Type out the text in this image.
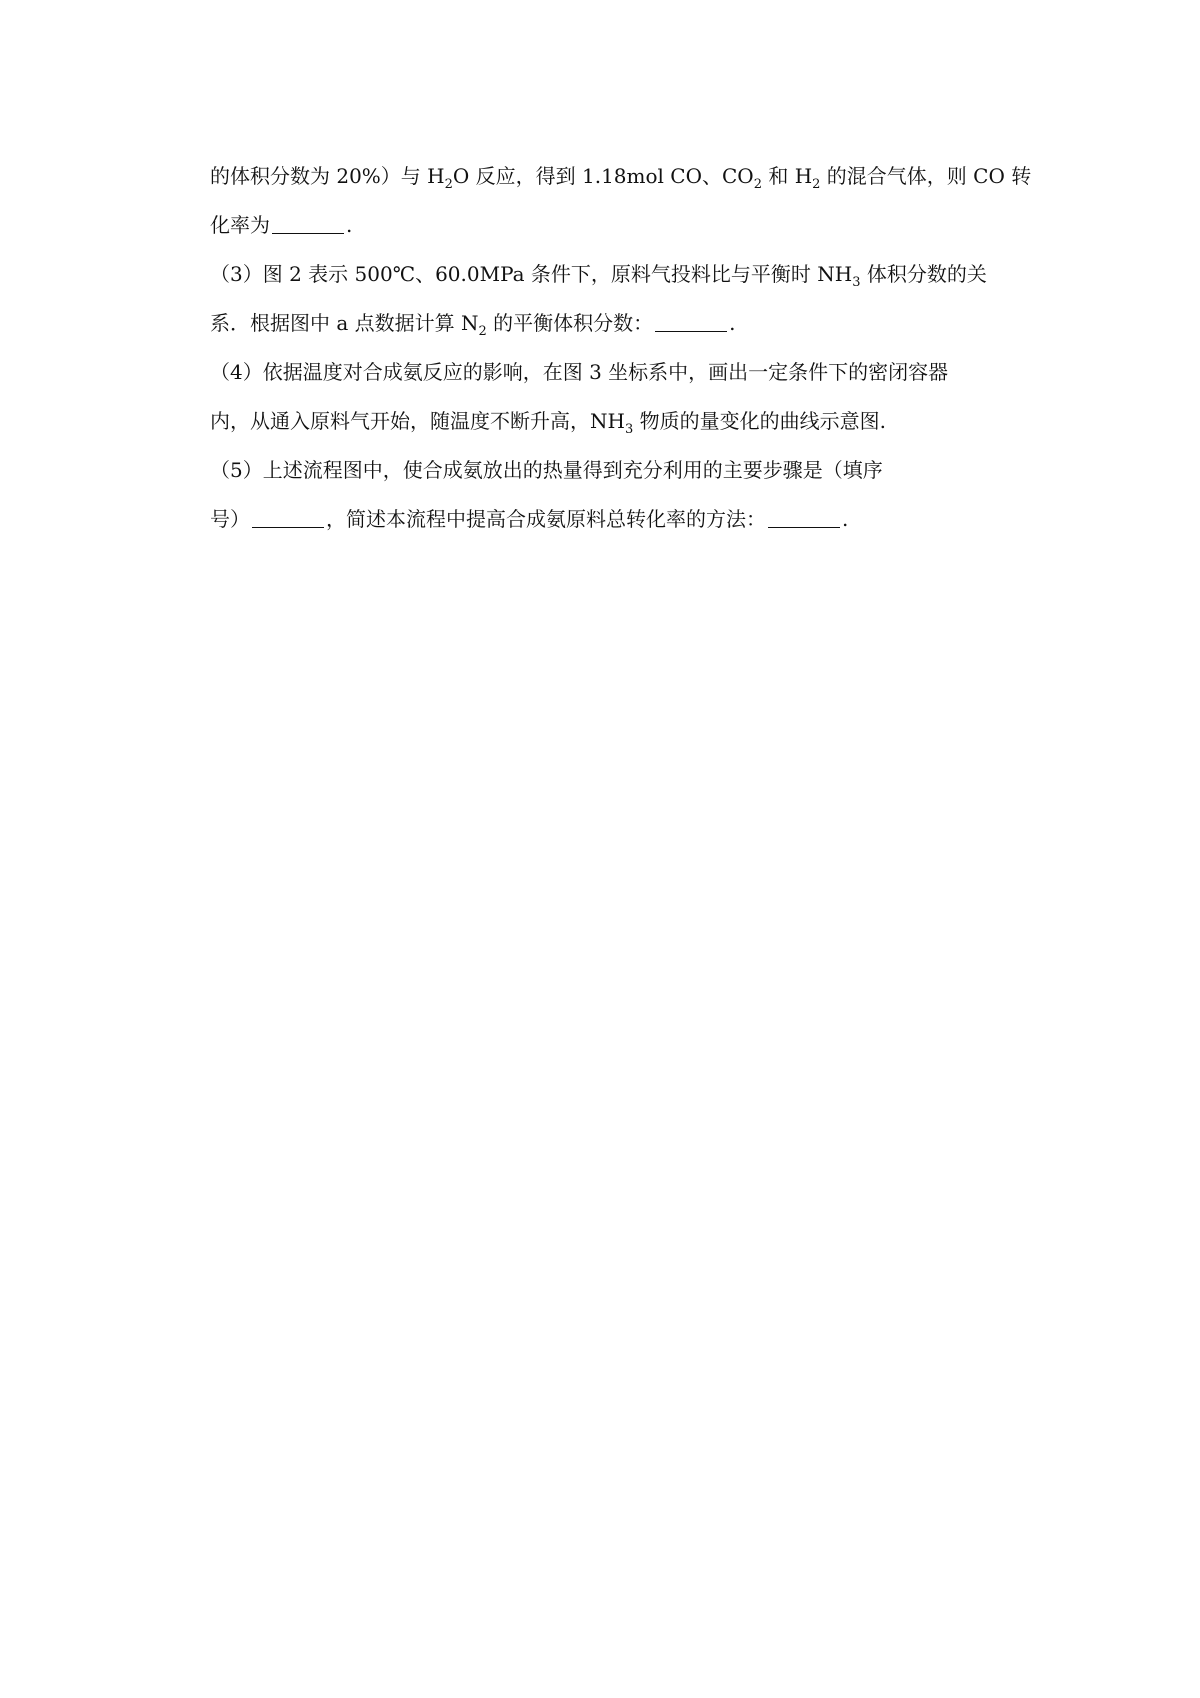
的体积分数为 20%）与 $H_2O$ 反应，得到 1.18mol CO、$CO_2$ 和 $H_2$ 的混合气体，则 CO 转
化率为	.
（3）图 2 表示 500℃、60.0MPa 条件下，原料气投料比与平衡时 $NH_3$ 体积分数的关
系．根据图中 a 点数据计算 $N_2$ 的平衡体积分数：	.
（4）依据温度对合成氨反应的影响，在图 3 坐标系中，画出一定条件下的密闭容器
内，从通入原料气开始，随温度不断升高，$NH_3$ 物质的量变化的曲线示意图.
（5）上述流程图中，使合成氨放出的热量得到充分利用的主要步骤是（填序
号）	，简述本流程中提高合成氨原料总转化率的方法：	.
